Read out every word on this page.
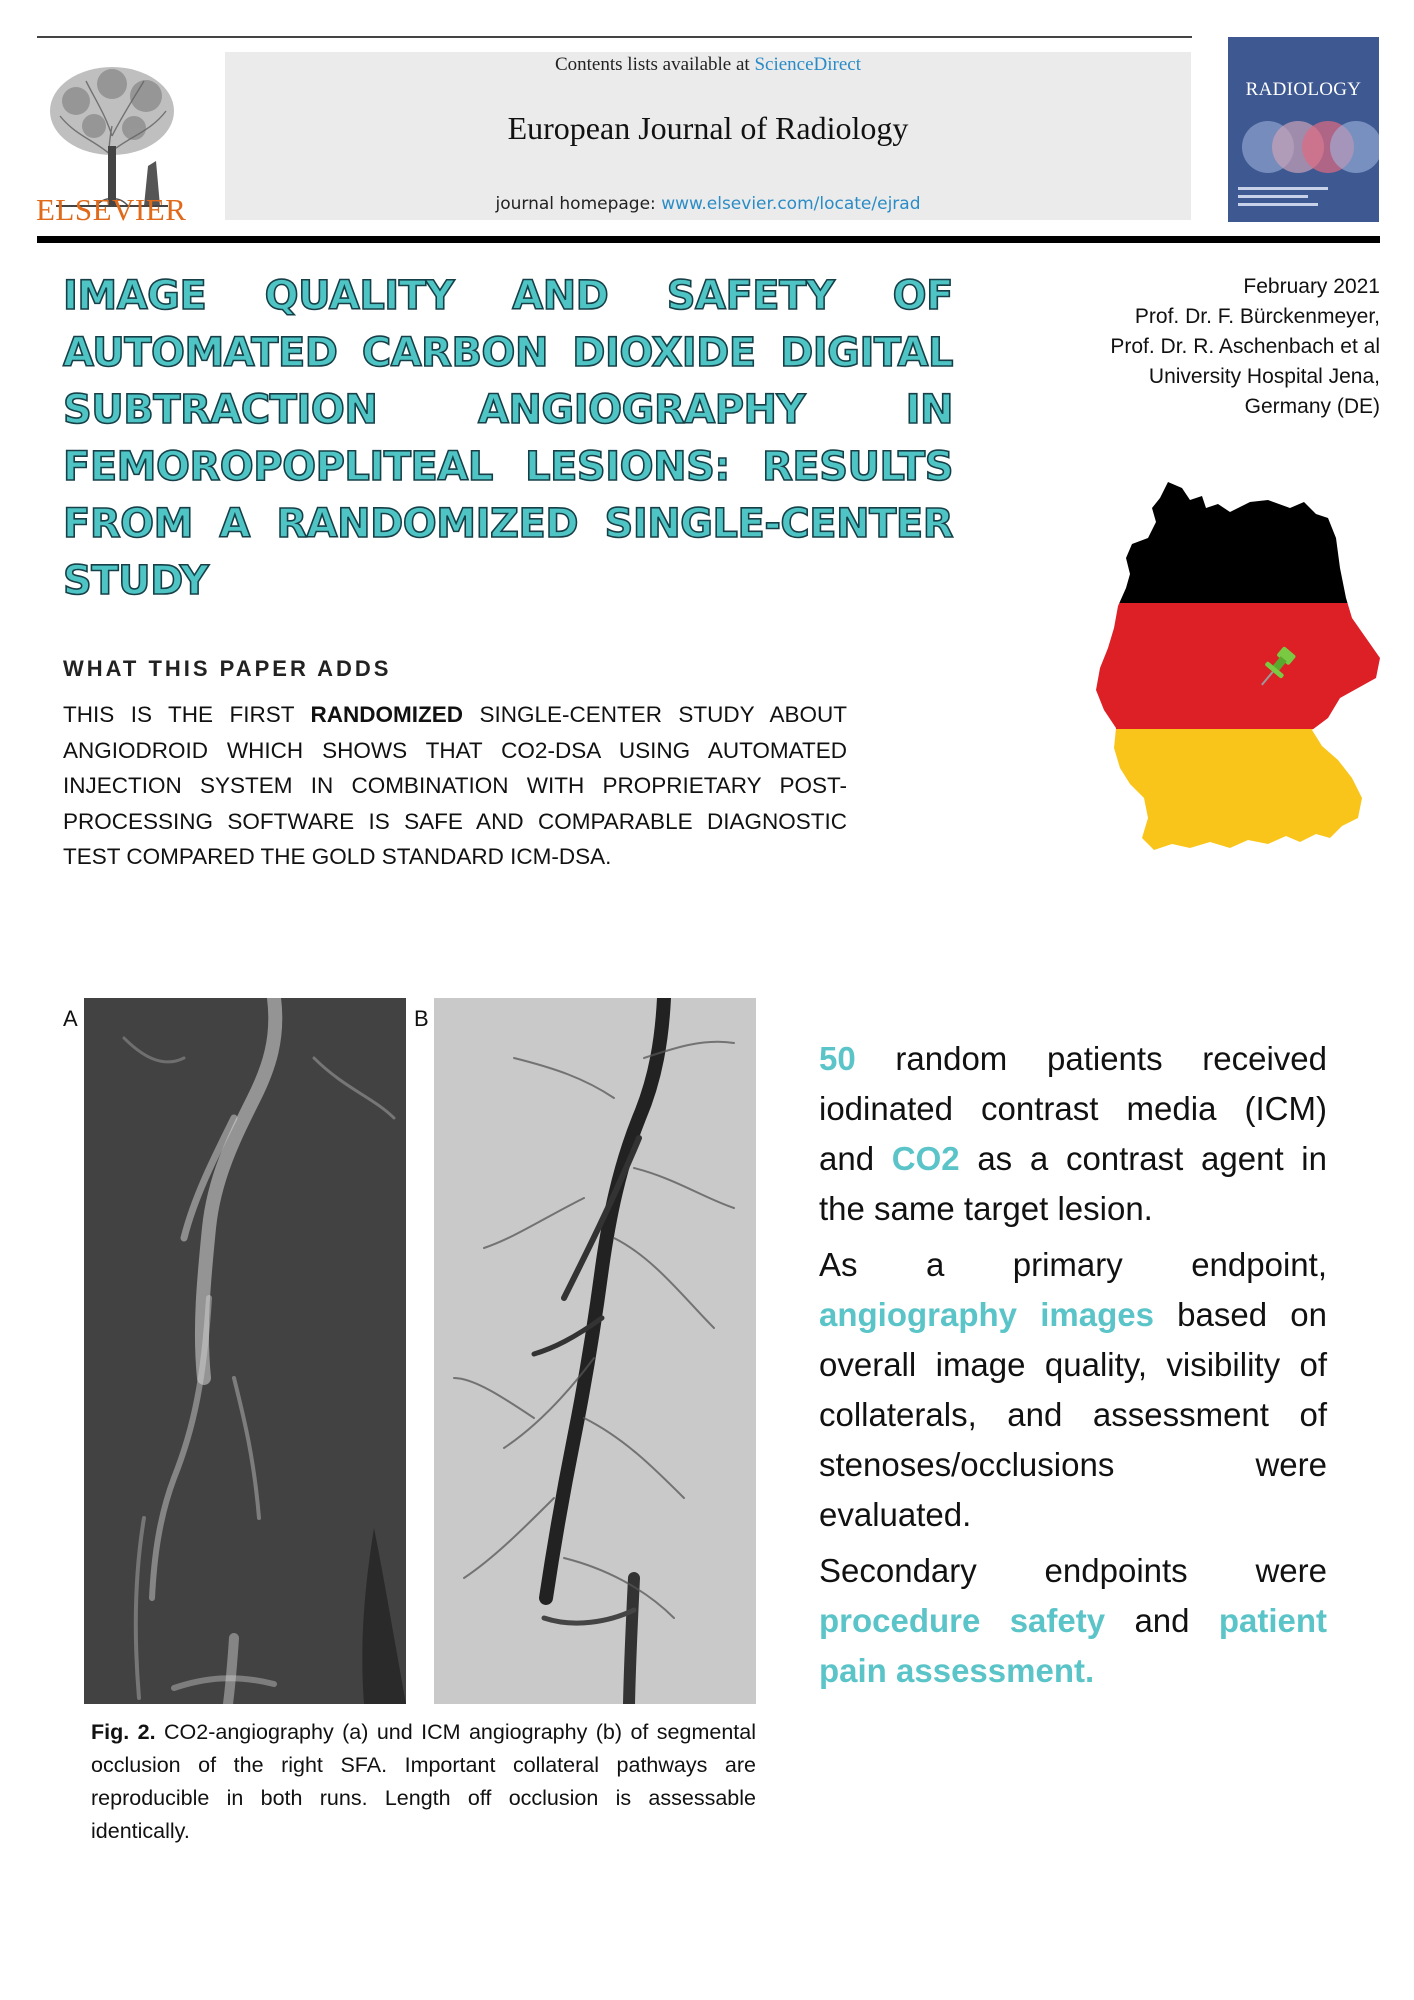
ELSEVIER
Contents lists available at ScienceDirect
European Journal of Radiology
journal homepage: www.elsevier.com/locate/ejrad
RADIOLOGY
IMAGE QUALITY AND SAFETY OF AUTOMATED CARBON DIOXIDE DIGITAL SUBTRACTION ANGIOGRAPHY IN FEMOROPOPLITEAL LESIONS: RESULTS FROM A RANDOMIZED SINGLE-CENTER STUDY
February 2021
Prof. Dr. F. Bürckenmeyer,
Prof. Dr. R. Aschenbach et al
University Hospital Jena,
Germany (DE)
WHAT THIS PAPER ADDS
THIS IS THE FIRST RANDOMIZED SINGLE-CENTER STUDY ABOUT ANGIODROID WHICH SHOWS THAT CO2-DSA USING AUTOMATED INJECTION SYSTEM IN COMBINATION WITH PROPRIETARY POST-PROCESSING SOFTWARE IS SAFE AND COMPARABLE DIAGNOSTIC TEST COMPARED THE GOLD STANDARD ICM-DSA.
A	B
Fig. 2. CO2-angiography (a) und ICM angiography (b) of segmental occlusion of the right SFA. Important collateral pathways are reproducible in both runs. Length off occlusion is assessable identically.

50 random patients received iodinated contrast media (ICM) and CO2 as a contrast agent in the same target lesion.

As a primary endpoint, angiography images based on overall image quality, visibility of collaterals, and assessment of stenoses/occlusions were evaluated.

Secondary endpoints were procedure safety and patient pain assessment.
